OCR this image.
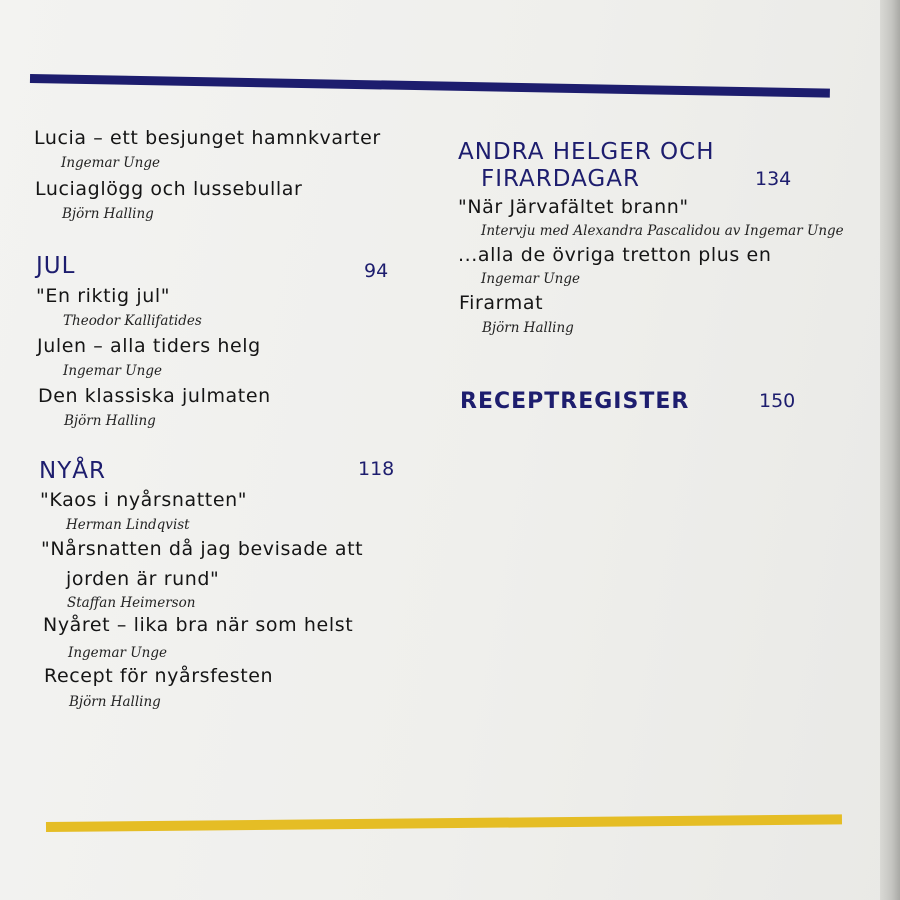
Lucia – ett besjunget hamnkvarter
Ingemar Unge
Luciaglögg och lussebullar
Björn Halling
JUL	94
"En riktig jul"
Theodor Kallifatides
Julen – alla tiders helg
Ingemar Unge
Den klassiska julmaten
Björn Halling
NYÅR	118
"Kaos i nyårsnatten"
Herman Lindqvist
"Nårsnatten då jag bevisade att
jorden är rund"
Staffan Heimerson
Nyåret – lika bra när som helst
Ingemar Unge
Recept för nyårsfesten
Björn Halling
ANDRA HELGER OCH
FIRARDAGAR	134
"När Järvafältet brann"
Intervju med Alexandra Pascalidou av Ingemar Unge
...alla de övriga tretton plus en
Ingemar Unge
Firarmat
Björn Halling
RECEPTREGISTER	150
